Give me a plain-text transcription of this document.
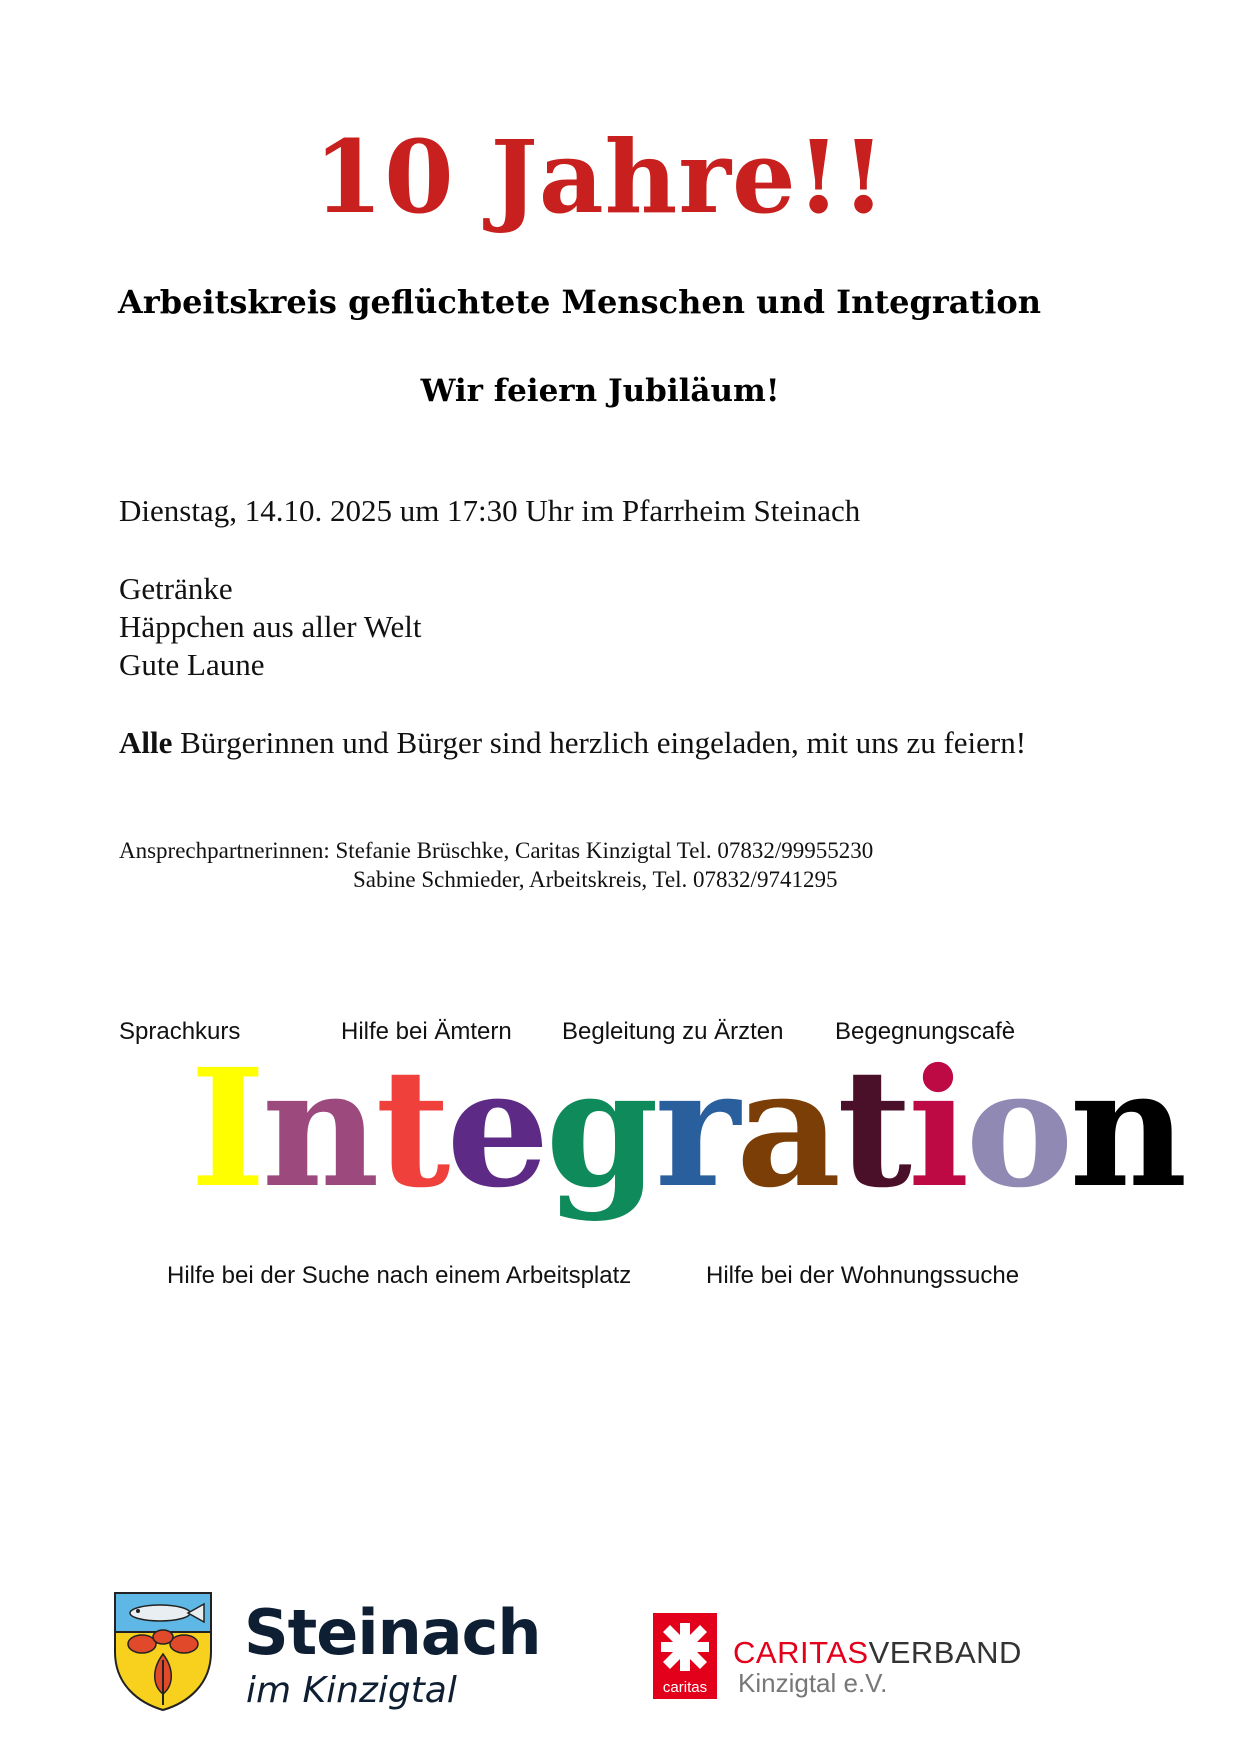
10 Jahre!!
Arbeitskreis geflüchtete Menschen und Integration
Wir feiern Jubiläum!
Dienstag, 14.10. 2025 um 17:30 Uhr im Pfarrheim Steinach
Getränke
Häppchen aus aller Welt
Gute Laune
Alle Bürgerinnen und Bürger sind herzlich eingeladen, mit uns zu feiern!
Ansprechpartnerinnen: Stefanie Brüschke, Caritas Kinzigtal Tel. 07832/99955230
Sabine Schmieder, Arbeitskreis, Tel. 07832/9741295
Sprachkurs	Hilfe bei Ämtern Begleitung zu Ärzten Begegnungscafè
Integration
Hilfe bei der Suche nach einem Arbeitsplatz	Hilfe bei der Wohnungssuche
Steinach
im Kinzigtal	caritas
CARITASVERBAND
Kinzigtal e.V.
